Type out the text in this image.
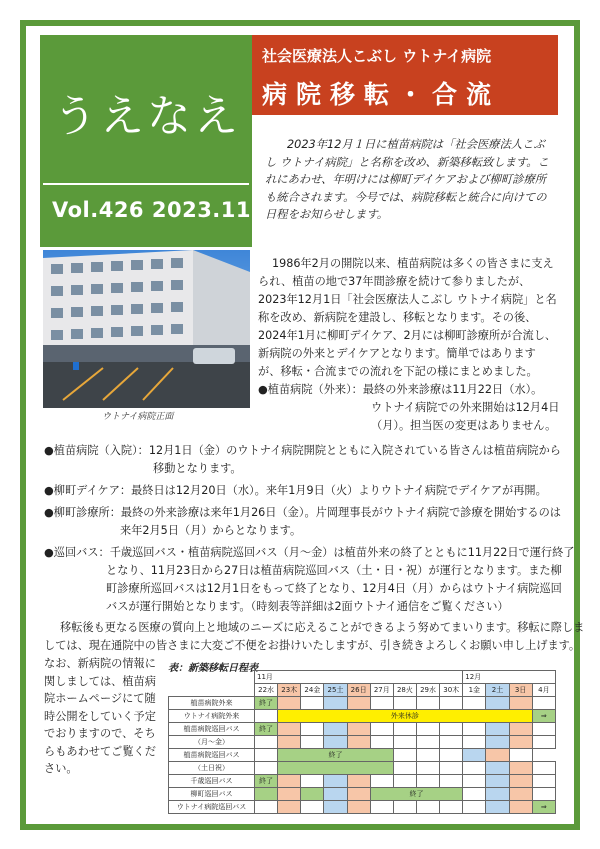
うえなえ
Vol.426 2023.11
社会医療法人こぶし ウトナイ病院
病院移転・合流
2023年12月１日に植苗病院は「社会医療法人こぶし ウトナイ病院」と名称を改め、新築移転致します。これにあわせ、年明けには柳町デイケアおよび柳町診療所も統合されます。今号では、病院移転と統合に向けての日程をお知らせします。
ウトナイ病院正面
1986年2月の開院以来、植苗病院は多くの皆さまに支えられ、植苗の地で37年間診療を続けて参りましたが、2023年12月1日「社会医療法人こぶし ウトナイ病院」と名称を改め、新病院を建設し、移転となります。その後、2024年1月に柳町デイケア、2月には柳町診療所が合流し、新病院の外来とデイケアとなります。簡単ではありますが、移転・合流までの流れを下記の様にまとめました。
●植苗病院（外来）：最終の外来診療は11月22日（水）。
ウトナイ病院での外来開始は12月4日
（月）。担当医の変更はありません。
●植苗病院（入院）：12月1日（金）のウトナイ病院開院とともに入院されている皆さんは植苗病院から
移動となります。
●柳町デイケア：最終日は12月20日（水）。来年1月9日（火）よりウトナイ病院でデイケアが再開。
●柳町診療所：最終の外来診療は来年1月26日（金）。片岡理事長がウトナイ病院で診療を開始するのは
来年2月5日（月）からとなります。
●巡回バス：千歳巡回バス・植苗病院巡回バス（月〜金）は植苗外来の終了とともに11月22日で運行終了
となり、11月23日から27日は植苗病院巡回バス（土・日・祝）が運行となります。また柳
町診療所巡回バスは12月1日をもって終了となり、12月4日（月）からはウトナイ病院巡回
バスが運行開始となります。（時刻表等詳細は2面ウトナイ通信をご覧ください）
移転後も更なる医療の質向上と地域のニーズに応えることができるよう努めてまいります。移転に際しま
しては、現在通院中の皆さまに大変ご不便をお掛けいたしますが、引き続きよろしくお願い申し上げます。
なお、新病院の情報に関しましては、植苗病院ホームページにて随時公開をしていく予定でおりますので、そちらもあわせてご覧ください。
表：新築移転日程表
	11月									12月			
	22水	23木	24金	25土	26日	27月	28火	29水	30木	1金	2土	3日	4月
植苗病院外来	終了												
ウトナイ病院外来		外来休診											⇒
植苗病院巡回バス	終了												
（月〜金）													
植苗病院巡回バス		終了											
（土日祝）													
千歳巡回バス	終了												
柳町巡回バス						終了							
ウトナイ病院巡回バス													⇒
